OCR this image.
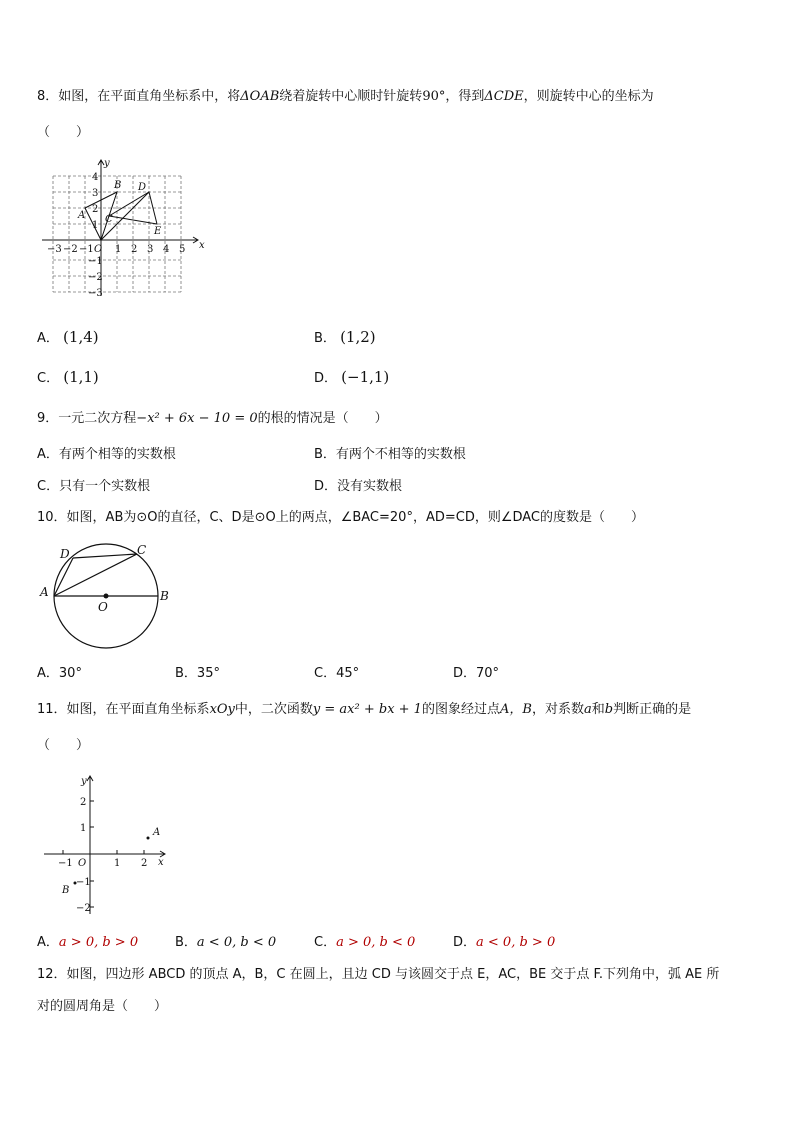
8．如图，在平面直角坐标系中，将ΔOAB绕着旋转中心顺时针旋转90°，得到ΔCDE，则旋转中心的坐标为
（　　）
y
x
A
B
C
D
E
O
−3 −2 −1 1 2 3 4 5
4
3
2
1
−1
−2
−3
A． (1,4)	B． (1,2)
C． (1,1)	D． (−1,1)
9．一元二次方程−x² + 6x − 10 = 0的根的情况是（　　）
A．有两个相等的实数根	B．有两个不相等的实数根
C．只有一个实数根	D．没有实数根
10．如图，AB为⊙O的直径，C、D是⊙O上的两点，∠BAC=20°，AD=CD，则∠DAC的度数是（　　）
D	C
A	B
O
A．30°	B．35°	C．45°	D．70°
11．如图，在平面直角坐标系xOy中，二次函数y = ax² + bx + 1的图象经过点A，B，对系数a和b判断正确的是
（　　）
y
x
O
A
B
−1	1 2
2
1
−1
−2
A．a > 0, b > 0	B．a < 0, b < 0	C．a > 0, b < 0	D．a < 0, b > 0
12．如图，四边形 ABCD 的顶点 A，B，C 在圆上，且边 CD 与该圆交于点 E，AC，BE 交于点 F.下列角中，弧 AE 所
对的圆周角是（　　）
